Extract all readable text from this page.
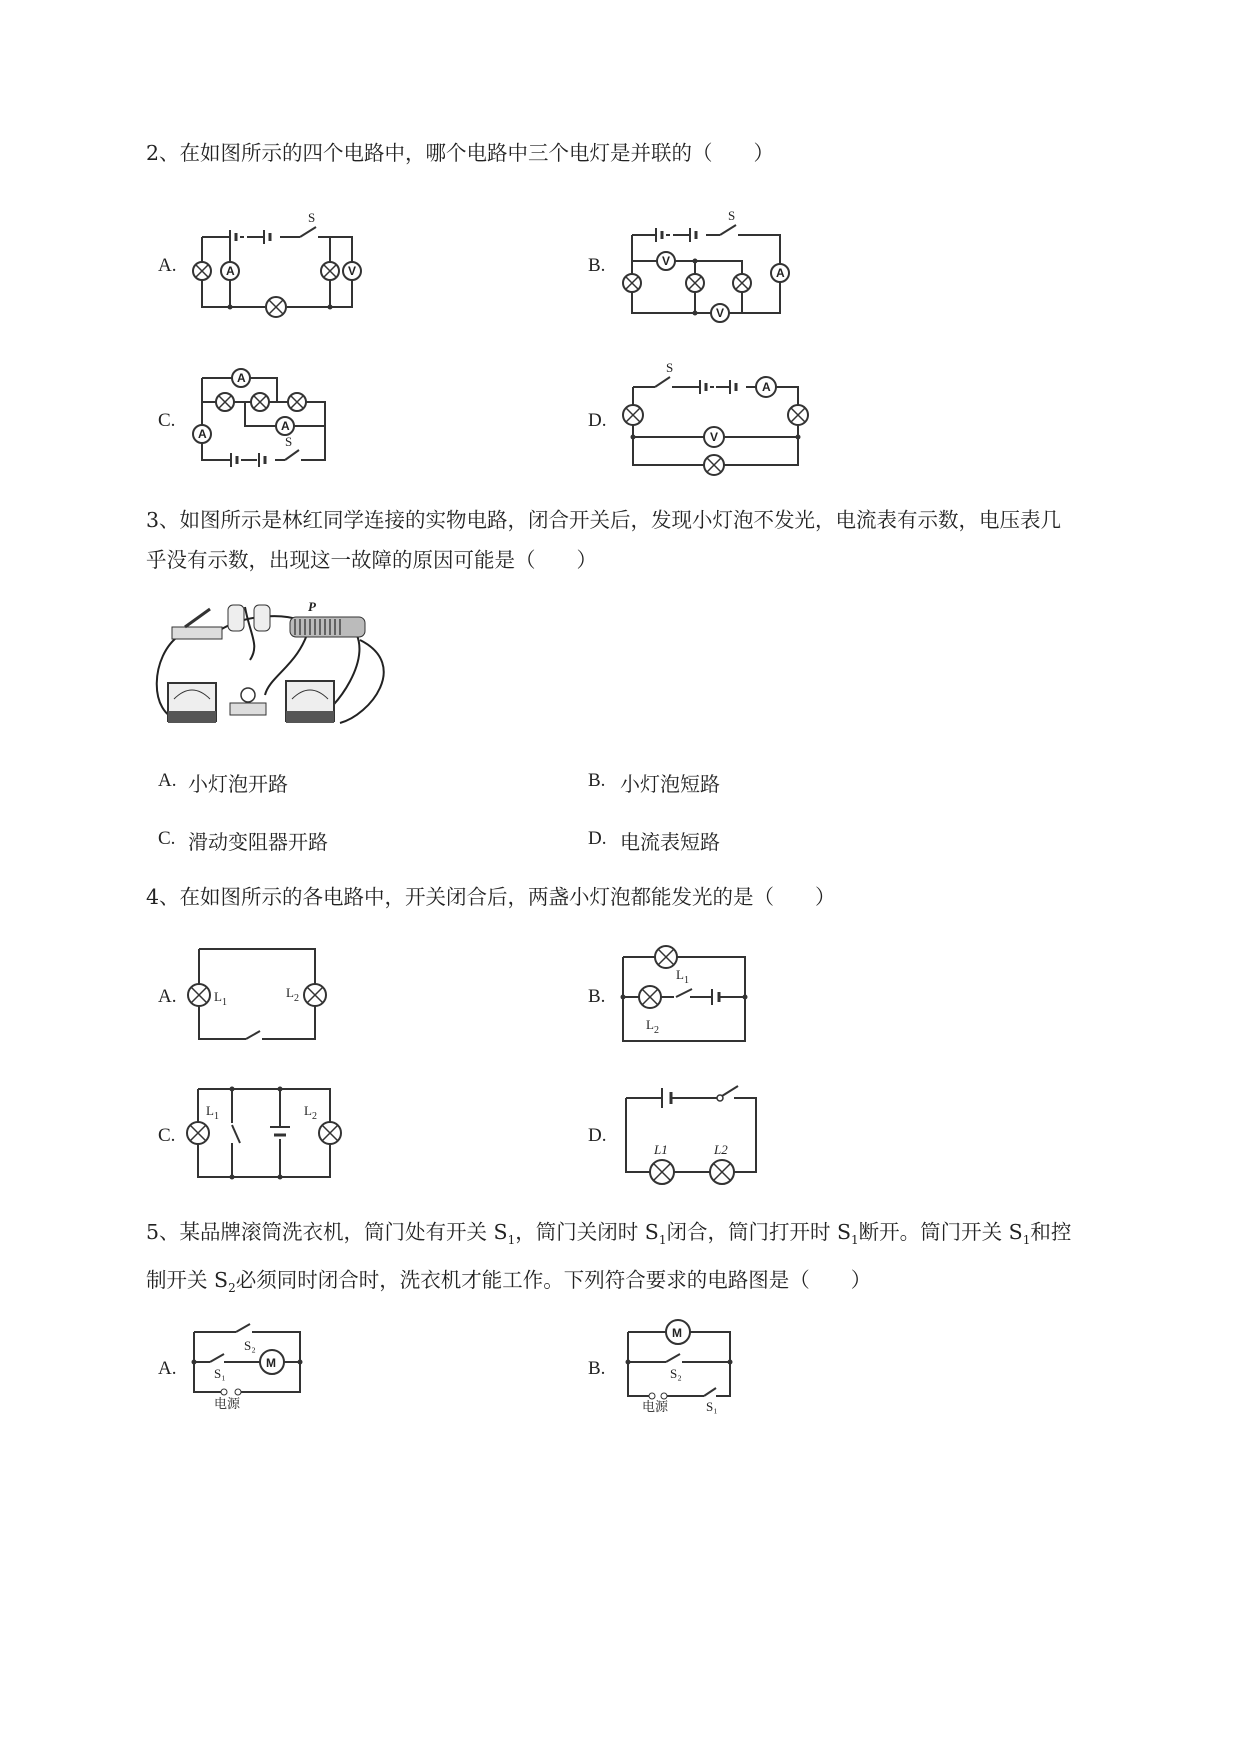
2、在如图所示的四个电路中，哪个电路中三个电灯是并联的（　　）
A.
S
A	V	B.
S
V
A
V
C.
A
A
A	S
D.
S
A
V
3、如图所示是林红同学连接的实物电路，闭合开关后，发现小灯泡不发光，电流表有示数，电压表几
乎没有示数，出现这一故障的原因可能是（　　）
P
A. 小灯泡开路	B. 小灯泡短路
C. 滑动变阻器开路	D. 电流表短路
4、在如图所示的各电路中，开关闭合后，两盏小灯泡都能发光的是（　　）
A.	$L_1$
$L_2$	B.
$L_1$
$L_2$
C.
$L_1$	$L_2$
D.
L1	L2
5、某品牌滚筒洗衣机，筒门处有开关 $S_1$，筒门关闭时 $S_1$闭合，筒门打开时 $S_1$断开。筒门开关 $S_1$和控
制开关 $S_2$必须同时闭合时，洗衣机才能工作。下列符合要求的电路图是（　　）
A.
S₂
S₁
M
电源
B.
M
S₂
电源	S₁
